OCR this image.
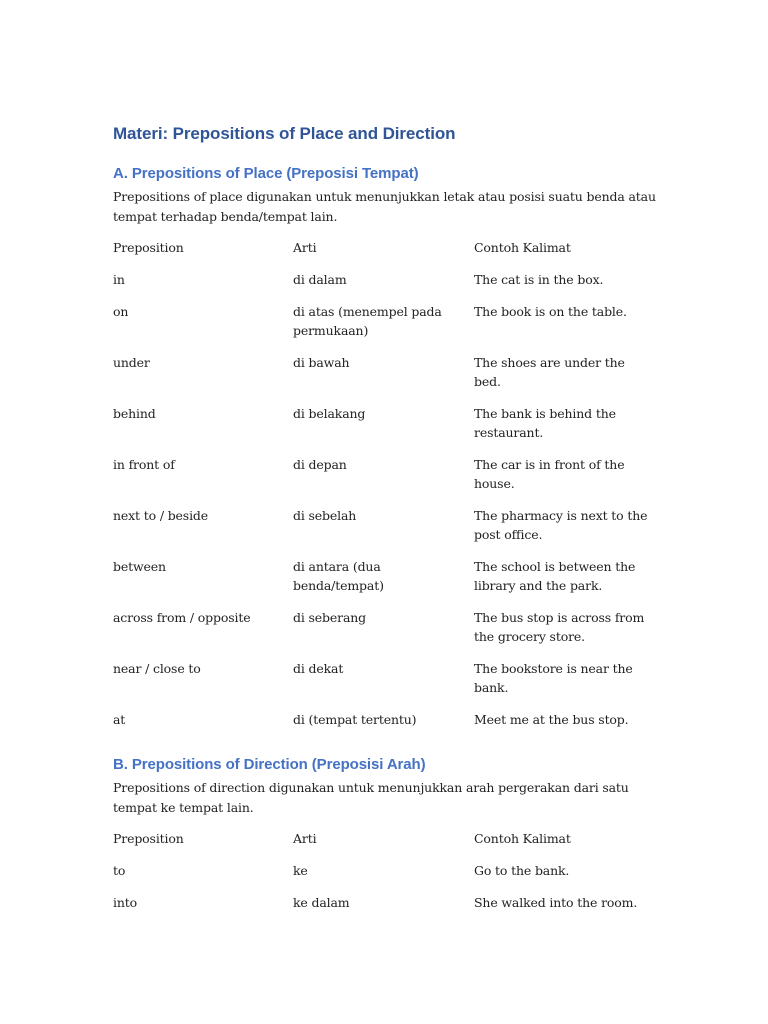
Materi: Prepositions of Place and Direction
A. Prepositions of Place (Preposisi Tempat)

Prepositions of place digunakan untuk menunjukkan letak atau posisi suatu benda atau tempat terhadap benda/tempat lain.

Preposition	Arti	Contoh Kalimat
in	di dalam	The cat is in the box.
on	di atas (menempel pada permukaan)	The book is on the table.
under	di bawah	The shoes are under the bed.
behind	di belakang	The bank is behind the restaurant.
in front of	di depan	The car is in front of the house.
next to / beside	di sebelah	The pharmacy is next to the post office.
between	di antara (dua benda/tempat)	The school is between the library and the park.
across from / opposite	di seberang	The bus stop is across from the grocery store.
near / close to	di dekat	The bookstore is near the bank.
at	di (tempat tertentu)	Meet me at the bus stop.
B. Prepositions of Direction (Preposisi Arah)

Prepositions of direction digunakan untuk menunjukkan arah pergerakan dari satu tempat ke tempat lain.

Preposition	Arti	Contoh Kalimat
to	ke	Go to the bank.
into	ke dalam	She walked into the room.
